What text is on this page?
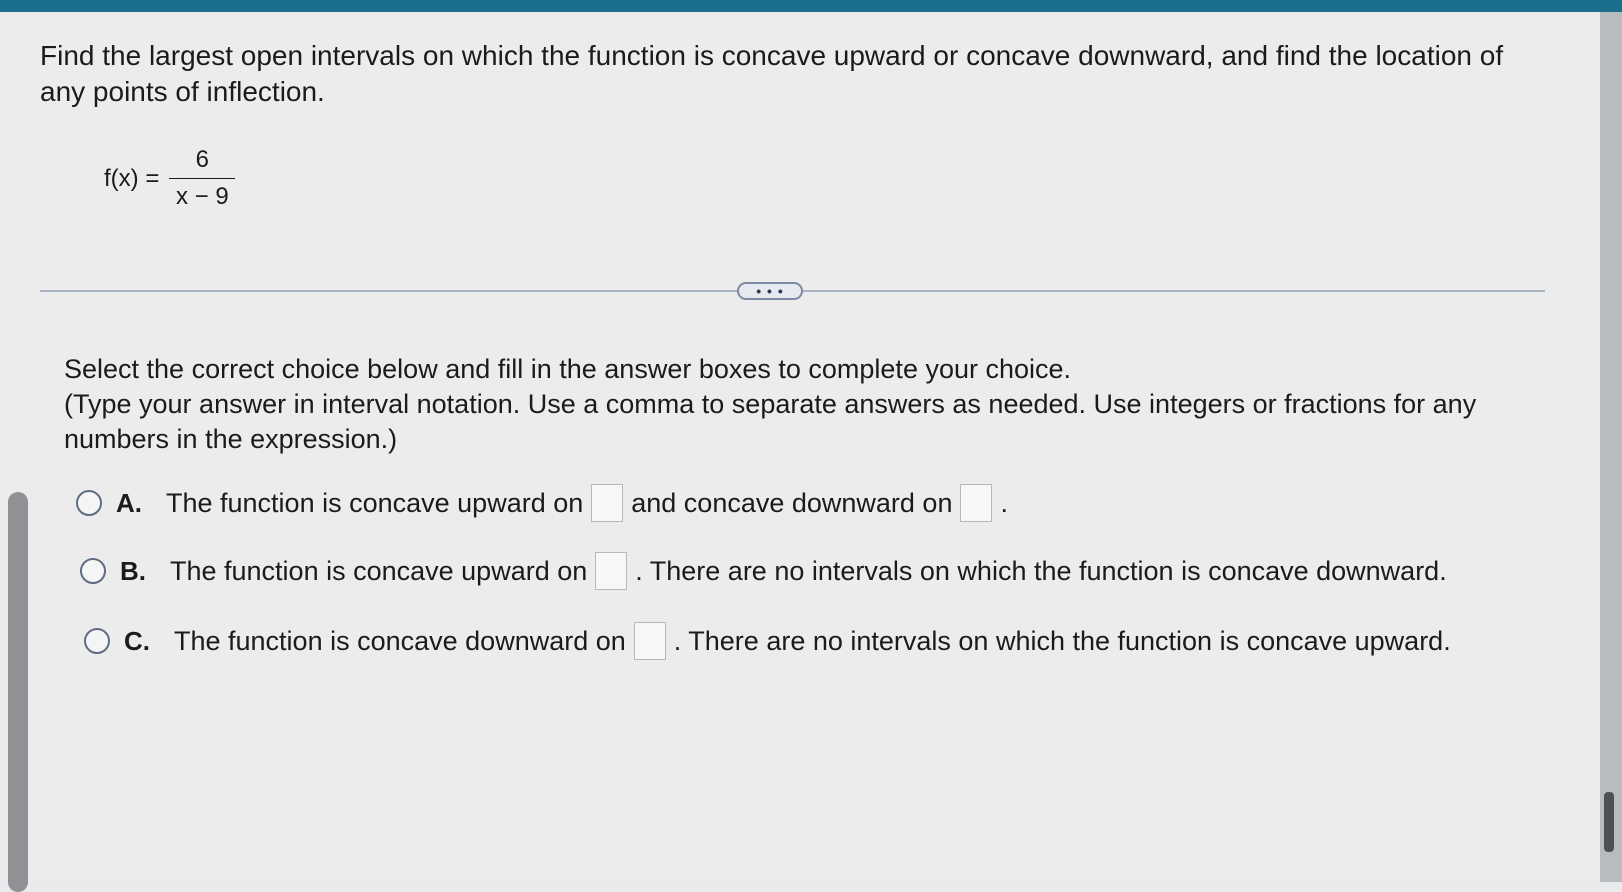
Find the largest open intervals on which the function is concave upward or concave downward, and find the location of any points of inflection.
$f(x) = \frac{6}{x - 9}$
• • •
Select the correct choice below and fill in the answer boxes to complete your choice.
(Type your answer in interval notation. Use a comma to separate answers as needed. Use integers or fractions for any numbers in the expression.)
A. The function is concave upward on and concave downward on .
B. The function is concave upward on . There are no intervals on which the function is concave downward.
C. The function is concave downward on . There are no intervals on which the function is concave upward.
